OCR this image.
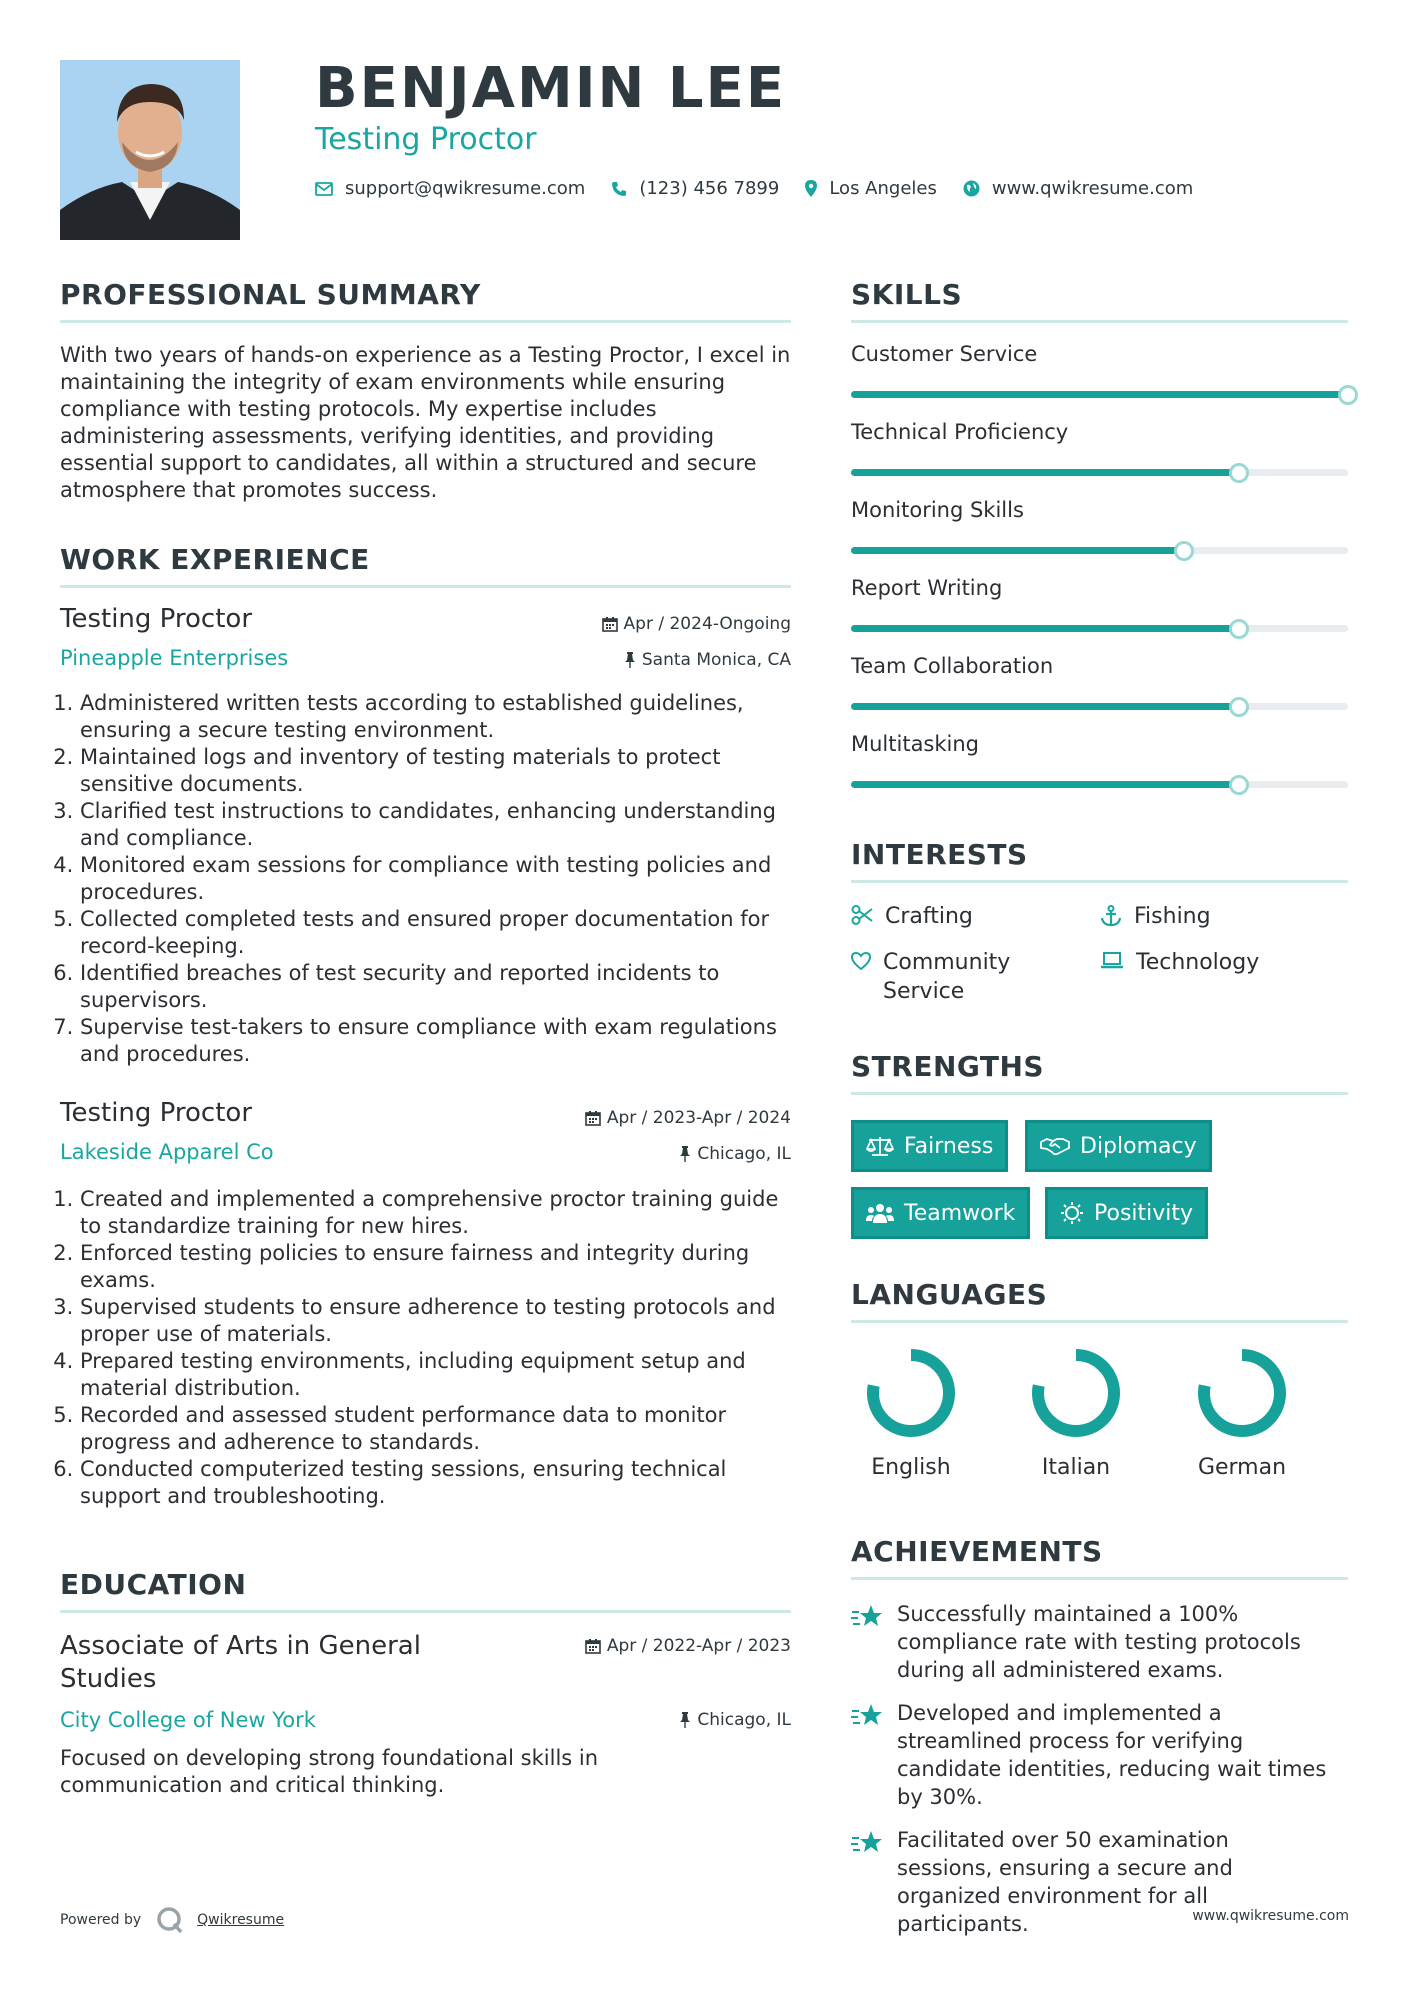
BENJAMIN LEE
Testing Proctor
support@qwikresume.com	(123) 456 7899	Los Angeles	www.qwikresume.com
PROFESSIONAL SUMMARY
With two years of hands-on experience as a Testing Proctor, I excel in maintaining the integrity of exam environments while ensuring compliance with testing protocols. My expertise includes administering assessments, verifying identities, and providing essential support to candidates, all within a structured and secure atmosphere that promotes success.
WORK EXPERIENCE
Testing Proctor	Apr / 2024-Ongoing
Pineapple Enterprises	Santa Monica, CA
1. Administered written tests according to established guidelines, ensuring a secure testing environment.
2. Maintained logs and inventory of testing materials to protect sensitive documents.
3. Clarified test instructions to candidates, enhancing understanding and compliance.
4. Monitored exam sessions for compliance with testing policies and procedures.
5. Collected completed tests and ensured proper documentation for record-keeping.
6. Identified breaches of test security and reported incidents to supervisors.
7. Supervise test-takers to ensure compliance with exam regulations and procedures.
Testing Proctor	Apr / 2023-Apr / 2024
Lakeside Apparel Co	Chicago, IL
1. Created and implemented a comprehensive proctor training guide to standardize training for new hires.
2. Enforced testing policies to ensure fairness and integrity during exams.
3. Supervised students to ensure adherence to testing protocols and proper use of materials.
4. Prepared testing environments, including equipment setup and material distribution.
5. Recorded and assessed student performance data to monitor progress and adherence to standards.
6. Conducted computerized testing sessions, ensuring technical support and troubleshooting.
EDUCATION
Associate of Arts in General Studies
Apr / 2022-Apr / 2023
City College of New York	Chicago, IL
Focused on developing strong foundational skills in communication and critical thinking.
SKILLS
Customer Service
Technical Proficiency
Monitoring Skills
Report Writing
Team Collaboration
Multitasking
INTERESTS
Crafting	Fishing
Community Service
Technology
STRENGTHS
Fairness	Diplomacy
Teamwork	Positivity
LANGUAGES
English	Italian	German
ACHIEVEMENTS
Successfully maintained a 100% compliance rate with testing protocols during all administered exams.
Developed and implemented a streamlined process for verifying candidate identities, reducing wait times by 30%.
Facilitated over 50 examination sessions, ensuring a secure and organized environment for all participants.
Powered by	Qwikresume	www.qwikresume.com
